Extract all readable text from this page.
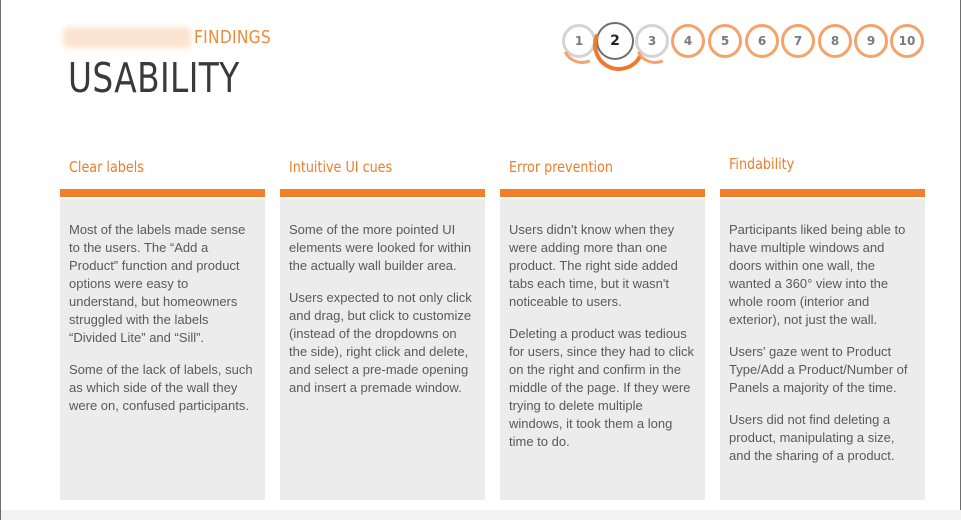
FINDINGS
USABILITY
1 2 3 4 5 6 7 8 9 10
Clear labels

Most of the labels made sense to the users. The “Add a Product” function and product options were easy to understand, but homeowners struggled with the labels “Divided Lite” and “Sill”.

Some of the lack of labels, such as which side of the wall they were on, confused participants.

Intuitive UI cues

Some of the more pointed UI elements were looked for within the actually wall builder area.

Users expected to not only click and drag, but click to customize (instead of the dropdowns on the side), right click and delete, and select a pre-made opening and insert a premade window.

Error prevention

Users didn't know when they were adding more than one product. The right side added tabs each time, but it wasn't noticeable to users.

Deleting a product was tedious for users, since they had to click on the right and confirm in the middle of the page. If they were trying to delete multiple windows, it took them a long time to do.

Findability

Participants liked being able to have multiple windows and doors within one wall, the wanted a 360° view into the whole room (interior and exterior), not just the wall.

Users' gaze went to Product Type/Add a Product/Number of Panels a majority of the time.

Users did not find deleting a product, manipulating a size, and the sharing of a product.
